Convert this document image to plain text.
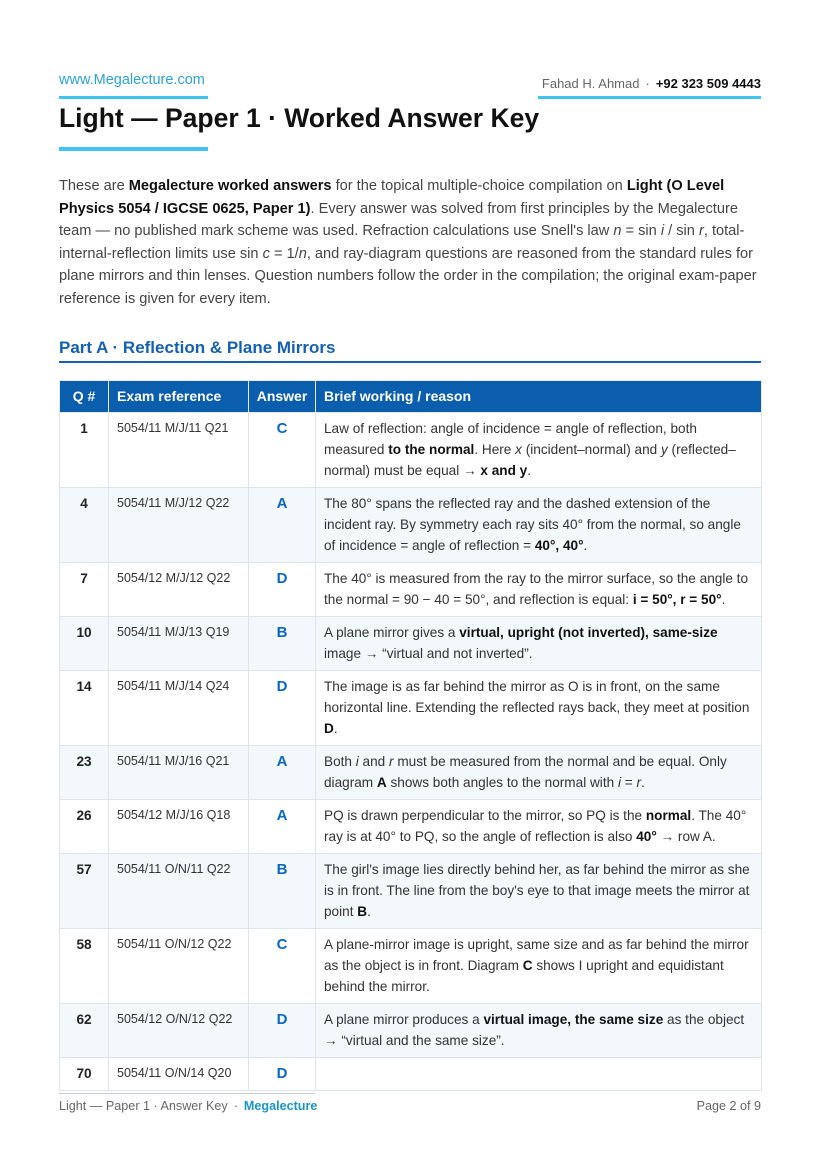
www.Megalecture.com	Fahad H. Ahmad · +92 323 509 4443
Light — Paper 1 · Worked Answer Key

These are Megalecture worked answers for the topical multiple-choice compilation on Light (O Level Physics 5054 / IGCSE 0625, Paper 1). Every answer was solved from first principles by the Megalecture team — no published mark scheme was used. Refraction calculations use Snell's law n = sin i / sin r, total-internal-reflection limits use sin c = 1/n, and ray-diagram questions are reasoned from the standard rules for plane mirrors and thin lenses. Question numbers follow the order in the compilation; the original exam-paper reference is given for every item.

Part A · Reflection & Plane Mirrors
Q #	Exam reference	Answer	Brief working / reason
1	5054/11 M/J/11 Q21	C	Law of reflection: angle of incidence = angle of reflection, both measured to the normal. Here x (incident–normal) and y (reflected–normal) must be equal → x and y.
4	5054/11 M/J/12 Q22	A	The 80° spans the reflected ray and the dashed extension of the incident ray. By symmetry each ray sits 40° from the normal, so angle of incidence = angle of reflection = 40°, 40°.
7	5054/12 M/J/12 Q22	D	The 40° is measured from the ray to the mirror surface, so the angle to the normal = 90 − 40 = 50°, and reflection is equal: i = 50°, r = 50°.
10	5054/11 M/J/13 Q19	B	A plane mirror gives a virtual, upright (not inverted), same-size image → “virtual and not inverted”.
14	5054/11 M/J/14 Q24	D	The image is as far behind the mirror as O is in front, on the same horizontal line. Extending the reflected rays back, they meet at position D.
23	5054/11 M/J/16 Q21	A	Both i and r must be measured from the normal and be equal. Only diagram A shows both angles to the normal with i = r.
26	5054/12 M/J/16 Q18	A	PQ is drawn perpendicular to the mirror, so PQ is the normal. The 40° ray is at 40° to PQ, so the angle of reflection is also 40° → row A.
57	5054/11 O/N/11 Q22	B	The girl's image lies directly behind her, as far behind the mirror as she is in front. The line from the boy's eye to that image meets the mirror at point B.
58	5054/11 O/N/12 Q22	C	A plane-mirror image is upright, same size and as far behind the mirror as the object is in front. Diagram C shows I upright and equidistant behind the mirror.
62	5054/12 O/N/12 Q22	D	A plane mirror produces a virtual image, the same size as the object → “virtual and the same size”.
70	5054/11 O/N/14 Q20	D	
Light — Paper 1 · Answer Key · Megalecture	Page 2 of 9
